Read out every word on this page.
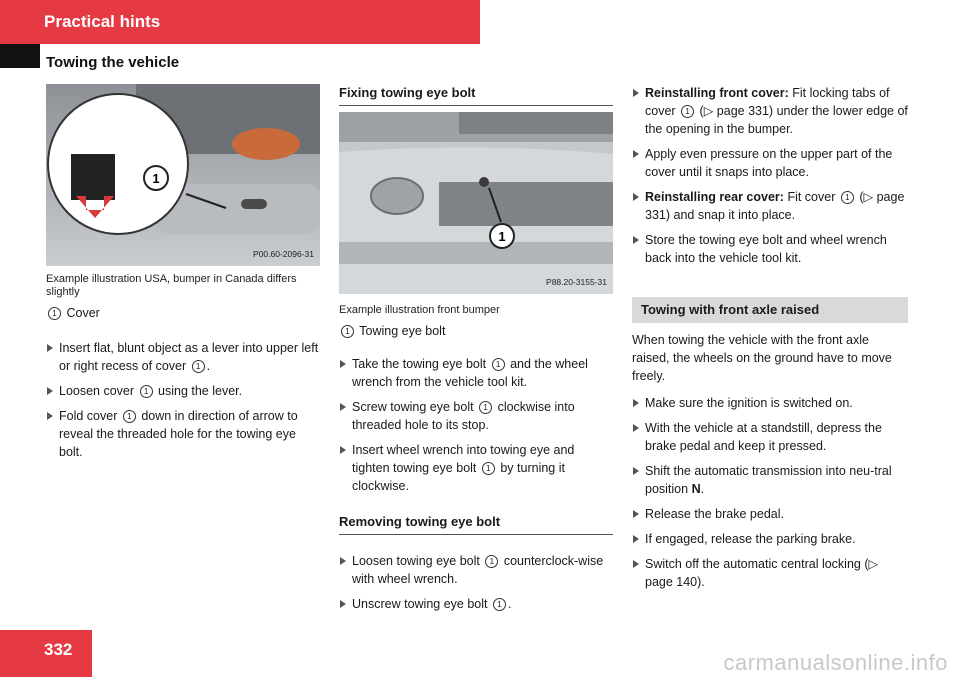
Practical hints
Towing the vehicle
1
P00.60-2096-31
Example illustration USA, bumper in Canada differs slightly
1 Cover
Insert flat, blunt object as a lever into upper left or right recess of cover 1 .
Loosen cover 1 using the lever.
Fold cover 1 down in direction of arrow to reveal the threaded hole for the towing eye bolt.
Fixing towing eye bolt
1
P88.20-3155-31
Example illustration front bumper
1 Towing eye bolt
Take the towing eye bolt 1 and the wheel wrench from the vehicle tool kit.
Screw towing eye bolt 1 clockwise into threaded hole to its stop.
Insert wheel wrench into towing eye and tighten towing eye bolt 1 by turning it clockwise.
Removing towing eye bolt
Loosen towing eye bolt 1 counterclock-wise with wheel wrench.
Unscrew towing eye bolt 1 .
Reinstalling front cover: Fit locking tabs of cover 1 (▷ page 331) under the lower edge of the opening in the bumper.
Apply even pressure on the upper part of the cover until it snaps into place.
Reinstalling rear cover: Fit cover 1 (▷ page 331) and snap it into place.
Store the towing eye bolt and wheel wrench back into the vehicle tool kit.
Towing with front axle raised
When towing the vehicle with the front axle raised, the wheels on the ground have to move freely.
Make sure the ignition is switched on.
With the vehicle at a standstill, depress the brake pedal and keep it pressed.
Shift the automatic transmission into neu-tral position N.
Release the brake pedal.
If engaged, release the parking brake.
Switch off the automatic central locking (▷ page 140).
332
carmanualsonline.info
